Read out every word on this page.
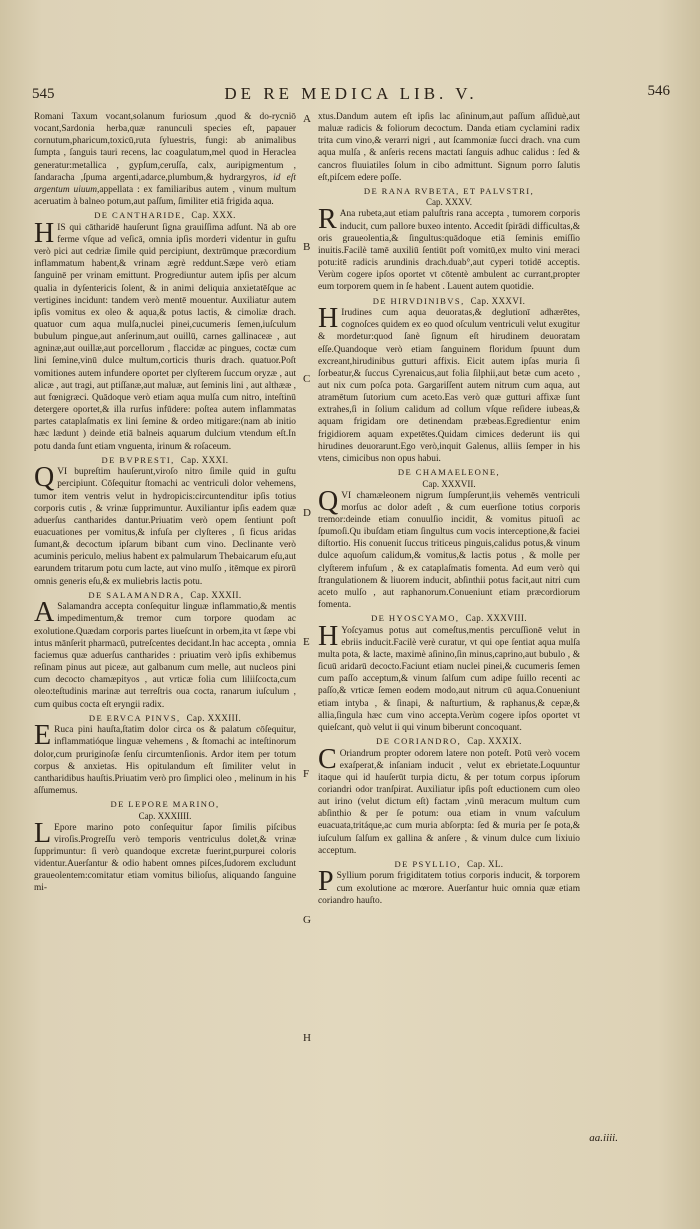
545	DE RE MEDICA LIB. V.	546

Romani Taxum vocant,solanum furiosum ,quod & do-rycniō vocant,Sardonia herba,quæ ranunculi species eſt, papauer cornutum,pharicum,toxicū,ruta ſyluestris, fungi: ab animalibus ſumpta , ſanguis tauri recens, lac coagulatum,mel quod in Heraclea generatur:metallica , gypſum,ceruſſa, calx, auripigmentum , ſandaracha ,ſpuma argenti,adarce,plumbum,& hydrargyros, id eſt argentum uiuum,appellata : ex familiaribus autem , vinum multum aceruatim à balneo potum,aut paſſum, ſimiliter etiā frigida aqua.

DE CANTHARIDE, Cap. XXX.

HIS qui cātharidē hauſerunt ſigna grauiſſima adſunt. Nā ab ore ferme vſque ad veſicā, omnia ipſis mordeті videntur in guſtu verò pici aut cedriæ ſimile quid percipiunt, dextrūmque præcordium inflammatum habent,& vrinam ægrè reddunt.Sæpe verò etiam ſanguinē per vrinam emittunt. Progrediuntur autem ipſis per alcum qualia in dyſentericis ſolent, & in animi deliquia anxietatēſque ac vertigines incidunt: tandem verò mentē mouentur. Auxiliatur autem ipſis vomitus ex oleo & aqua,& potus lactis, & cimoliæ drach. quatuor cum aqua mulſa,nuclei pinei,cucumeris ſemen,iuſculum bubulum pingue,aut anſerinum,aut ouillū, carnes gallinaceæ , aut agninæ,aut ouillæ,aut porcellorum , flaccidæ ac pingues, coctæ cum lini ſemine,vinū dulce multum,corticis thuris drach. quatuor.Poſt vomitiones autem infundere oportet per clyſterem ſuccum oryzæ , aut alicæ , aut tragi, aut ptiſſanæ,aut maluæ, aut ſeminis lini , aut althææ , aut fœnigræci. Quādoque verò etiam aqua mulſa cum nitro, inteſtinū detergere oportet,& illa rurſus infūdere: poſtea autem inflammatas partes cataplaſmatis ex lini ſemine & ordeo mitigare:(nam ab initio hæc lædunt ) deinde etiā balneis aquarum dulcium vtendum eſt.In potu danda ſunt etiam vnguenta, irinum & roſaceum.

DE BVPRESTI, Cap. XXXI.

QVI bupreſtim hauſerunt,viroſo nitro ſimile quid in guſtu percipiunt. Cōſequitur ſtomachi ac ventriculi dolor vehemens, tumor item ventris velut in hydropicis:circuntenditur ipſis totius corporis cutis , & vrinæ ſupprimuntur. Auxiliantur ipſis eadem quæ aduerſus cantharides dantur.Priuatim verò opem ſentiunt poſt euacuationes per vomitus,& infuſa per clyſteres , ſi ficus aridas ſumant,& decoctum ipſarum bibant cum vino. Declinante verò acuminis periculo, melius habent ex palmularum Thebaicarum eſu,aut earundem tritarum potu cum lacte, aut vino mulſo , itēmque ex pirorū omnis generis eſu,& ex muliebris lactis potu.

DE SALAMANDRA, Cap. XXXII.

A Salamandra accepta conſequitur linguæ inflammatio,& mentis impedimentum,& tremor cum torpore quodam ac exolutione.Quædam corporis partes liueſcunt in orbem,ita vt ſæpe vbi intus mānſerit pharmacū, putreſcentes decidant.In hac accepta , omnia faciemus quæ aduerſus cantharides : priuatim verò ipſis exhibemus reſinam pinus aut piceæ, aut galbanum cum melle, aut nucleos pini cum decocto chamæpityos , aut vrticæ folia cum liliiſcocta,cum oleo:teſtudinis marinæ aut terreſtris oua cocta, ranarum iuſculum , cum quibus cocta eſt eryngii radix.

DE ERVCA PINVS, Cap. XXXIII.

E Ruca pini hauſta,ſtatim dolor circa os & palatum cōſequitur, inflammatióque linguæ vehemens , & ſtomachi ac inteſtinorum dolor,cum pruriginoſæ ſenſu circumtenſionis. Ardor item per totum corpus & anxietas. His opitulandum eſt ſimiliter velut in cantharidibus hauſtis.Priuatim verò pro ſimplici oleo , melinum in his aſſumemus.

DE LEPORE MARINO,
Cap. XXXIIII.

L Epore marino poto conſequitur ſapor ſimilis piſcibus viroſis.Progreſſu verò temporis ventriculus dolet,& vrinæ ſupprimuntur: ſi verò quandoque excretæ fuerint,purpurei coloris videntur.Auerſantur & odio habent omnes piſces,ſudorem excludunt graueolentem:comitatur etiam vomitus bilioſus, aliquando ſanguine mi-

A
B
C
D
E
F
G
H

xtus.Dandum autem eſt ipſis lac aſininum,aut paſſum aſſiduè,aut maluæ radicis & foliorum decoctum. Danda etiam cyclamini radix trita cum vino,& verarri nigri , aut ſcammoniæ ſucci drach. vna cum aqua mulſa , & anſeris recens mactati ſanguis adhuc calidus : ſed & cancros fluuiatiles ſolum in cibo admittunt. Signum porro ſalutis eſt,piſcem edere poſſe.

DE RANA RVBETA, ET PALVSTRI,
Cap. XXXV.

R Ana rubeta,aut etiam paluſtris rana accepta , tumorem corporis inducit, cum pallore buxeo intento. Accedit ſpirādi difficultas,& oris graueolentia,& ſingultus:quādoque etiā ſeminis emiſſio inuitis.Facilè tamē auxiliū ſentiūt poſt vomitū,ex multo vini meraci potu:itē radicis arundinis drach.duab°,aut cyperi totidē acceptis. Verùm cogere ipſos oportet vt cōtentè ambulent ac currant,propter eum torporem quem in ſe habent . Lauent autem quotidie.

DE HIRVDINIBVS, Cap. XXXVI.

H Irudines cum aqua deuoratas,& deglutionī adhærētes, cognoſces quidem ex eo quod oſculum ventriculi velut exugitur & mordetur:quod ſanè ſignum eſt hirudinem deuoratam eſſe.Quandoque verò etiam ſanguinem floridum ſpuunt dum excreant,hirudinibus gutturi affixis. Eicit autem ipſas muria ſi ſorbeatur,& ſuccus Cyrenaicus,aut folia ſilphii,aut betæ cum aceto , aut nix cum poſca pota. Gargariſſent autem nitrum cum aqua, aut atramētum ſutorium cum aceto.Eas verò quæ gutturi affixæ ſunt extrahes,ſi in ſolium calidum ad collum vſque reſidere iubeas,& aquam frigidam ore detinendam præbeas.Egredientur enim frigidiorem aquam expetētes.Quidam cimices dederunt iis qui hirudines deuorarunt.Ego verò,inquit Galenus, alliis ſemper in his vtens, cimicibus non opus habui.

DE CHAMAELEONE,
Cap. XXXVII.

QVI chamæleonem nigrum ſumpſerunt,iis vehemēs ventriculi morſus ac dolor adeſt , & cum euerſione totius corporis tremor:deinde etiam conuulſio incidit, & vomitus pituoſi ac ſpumoſi.Qu ibuſdam etiam ſingultus cum vocis interceptione,& faciei diſtortio. His conuenit ſuccus triticeus pinguis,calidus potus,& vinum dulce aquoſum calidum,& vomitus,& lactis potus , & molle per clyſterem infuſum , & ex cataplaſmatis fomenta. Ad eum verò qui ſtrangulationem & liuorem inducit, abſinthii potus facit,aut nitri cum aceto mulſo , aut raphanorum.Conueniunt etiam præcordiorum fomenta.

DE HYOSCYAMO, Cap. XXXVIII.

H Yoſcyamus potus aut comeſtus,mentis percuſſionē velut in ebriis inducit.Facilè verè curatur, vt qui ope ſentiat aqua mulſa multa pota, & lacte, maximè aſinino,ſin minus,caprino,aut bubulo , & ſicuū aridarū decocto.Faciunt etiam nuclei pinei,& cucumeris ſemen cum paſſo acceptum,& vinum ſalſum cum adipe ſuillo recenti ac paſſo,& vrticæ ſemen eodem modo,aut nitrum cū aqua.Conueniunt etiam intyba , & ſinapi, & naſturtium, & raphanus,& cepæ,& allia,ſingula hæc cum vino accepta.Verùm cogere ipſos oportet vt quieſcant, quò velut ii qui vinum biberunt concoquant.

DE CORIANDRO, Cap. XXXIX.

C Oriandrum propter odorem latere non poteſt. Potū verò vocem exaſperat,& inſaniam inducit , velut ex ebrietate.Loquuntur itaque qui id hauſerūt turpia dictu, & per totum corpus ipſorum coriandri odor tranſpirat. Auxiliatur ipſis poſt eductionem cum oleo aut irino (velut dictum eſt) factam ,vinū meracum multum cum abſinthio & per ſe potum: oua etiam in vnum vaſculum euacuata,tritáque,ac cum muria abſorpta: ſed & muria per ſe pota,& iuſculum ſalſum ex gallina & anſere , & vinum dulce cum lixiuio acceptum.

DE PSYLLIO, Cap. XL.

P Syllium porum frigiditatem totius corporis inducit, & torporem cum exolutione ac mœrore. Auerſantur huic omnia quæ etiam coriandro hauſto.

aa.iiii.
